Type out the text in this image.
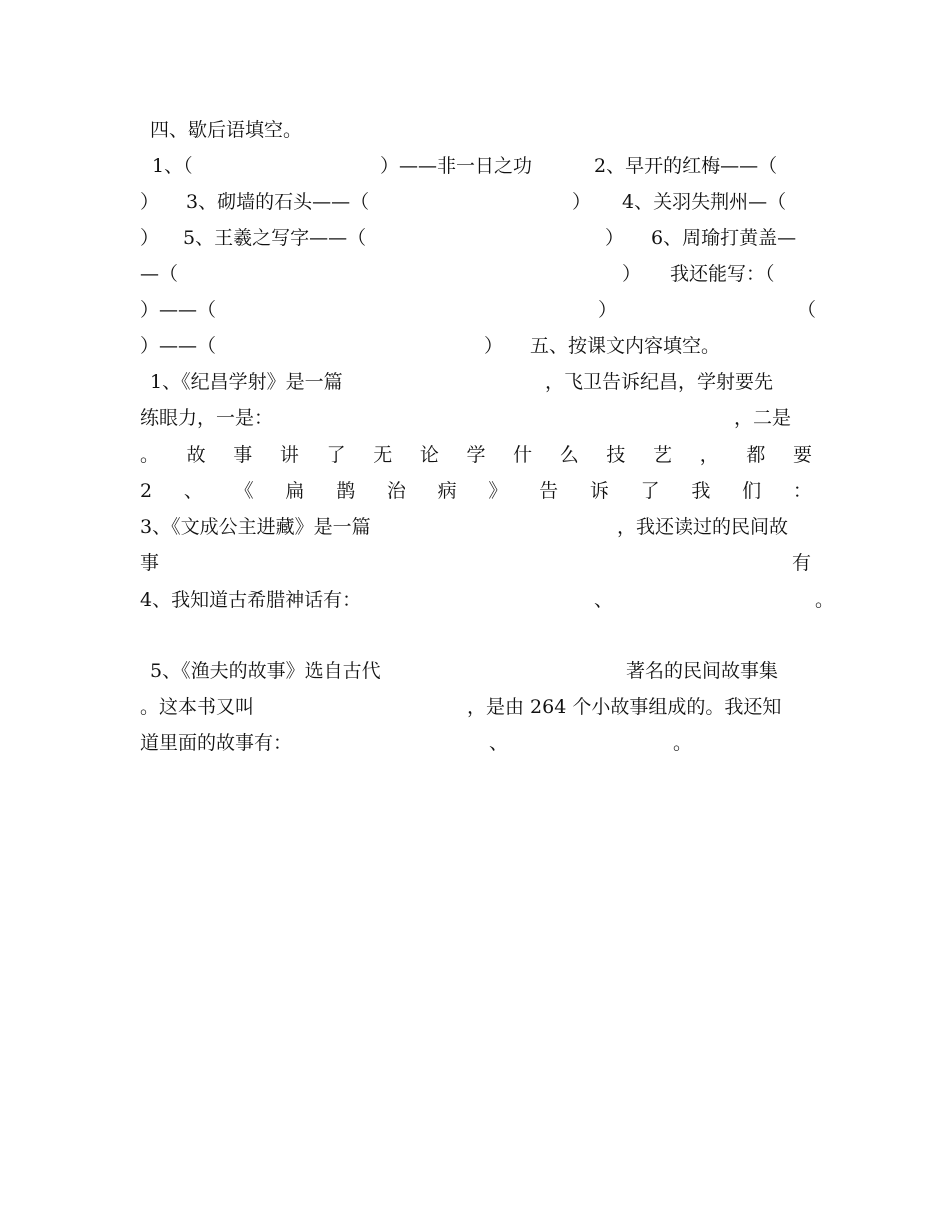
四、歇后语填空。
1、（	）——非一日之功	2、早开的红梅——（
） 3、砌墙的石头——（	） 4、关羽失荆州—（
） 5、王羲之写字——（	） 6、周瑜打黄盖—
—（	） 我还能写：（
）——（	）	（
）——（	） 五、按课文内容填空。
1、《纪昌学射》是一篇	，飞卫告诉纪昌，学射要先
练眼力，一是：	，二是
。 故 事 讲 了 无 论 学 什 么 技 艺 ， 都 要
2 、 《 扁 鹊 治 病 》 告 诉 了 我 们 ：
3、《文成公主进藏》是一篇	，我还读过的民间故
事	有
4、我知道古希腊神话有：	、	。
5、《渔夫的故事》选自古代	著名的民间故事集
。这本书又叫	，是由 264 个小故事组成的。我还知
道里面的故事有：	、	。
